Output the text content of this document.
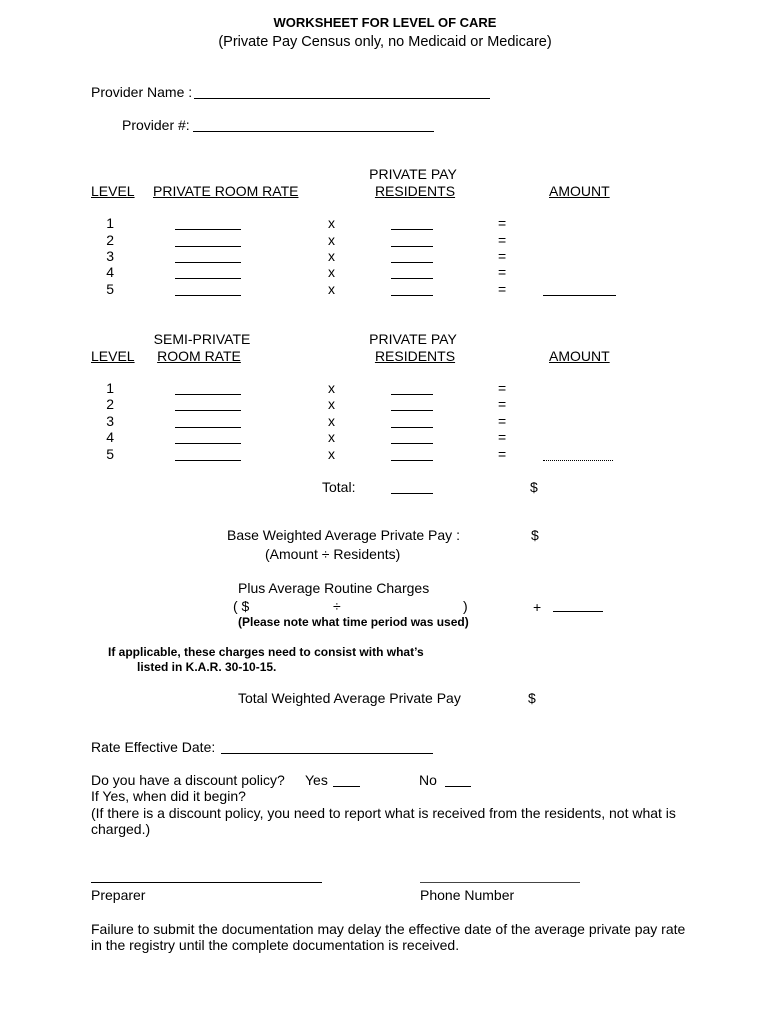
WORKSHEET FOR LEVEL OF CARE
(Private Pay Census only, no Medicaid or Medicare)
Provider Name :
Provider #:
PRIVATE PAY
LEVEL PRIVATE ROOM RATE	RESIDENTS	AMOUNT
1	x	=
2	x	=
3	x	=
4	x	=
5	x	=
SEMI-PRIVATE	PRIVATE PAY
LEVEL ROOM RATE	RESIDENTS	AMOUNT
1	x	=
2	x	=
3	x	=
4	x	=
5	x	=
Total:	$
Base Weighted Average Private Pay :	$
(Amount ÷ Residents)
Plus Average Routine Charges
( $	÷	)	+
(Please note what time period was used)
If applicable, these charges need to consist with what’s
listed in K.A.R. 30-10-15.
Total Weighted Average Private Pay	$
Rate Effective Date:
Do you have a discount policy? Yes	No
If Yes, when did it begin?
(If there is a discount policy, you need to report what is received from the residents, not what is
charged.)
Preparer	Phone Number
Failure to submit the documentation may delay the effective date of the average private pay rate
in the registry until the complete documentation is received.
